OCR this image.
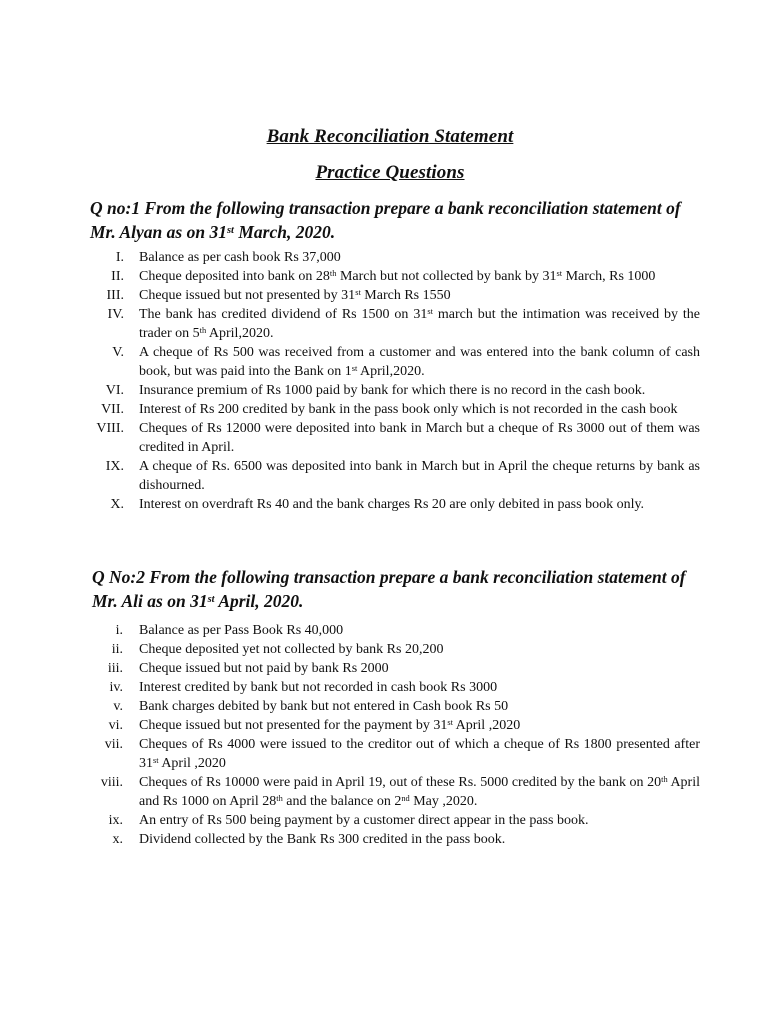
Bank Reconciliation Statement
Practice Questions
Q no:1 From the following transaction prepare a bank reconciliation statement of Mr. Alyan as on 31st March, 2020.
I. Balance as per cash book Rs 37,000
II. Cheque deposited into bank on 28th March but not collected by bank by 31st March, Rs 1000
III. Cheque issued but not presented by 31st March Rs 1550
IV. The bank has credited dividend of Rs 1500 on 31st march but the intimation was received by the trader on 5th April,2020.
V. A cheque of Rs 500 was received from a customer and was entered into the bank column of cash book, but was paid into the Bank on 1st April,2020.
VI. Insurance premium of Rs 1000 paid by bank for which there is no record in the cash book.
VII. Interest of Rs 200 credited by bank in the pass book only which is not recorded in the cash book
VIII. Cheques of Rs 12000 were deposited into bank in March but a cheque of Rs 3000 out of them was credited in April.
IX. A cheque of Rs. 6500 was deposited into bank in March but in April the cheque returns by bank as dishourned.
X. Interest on overdraft Rs 40 and the bank charges Rs 20 are only debited in pass book only.
Q No:2 From the following transaction prepare a bank reconciliation statement of Mr. Ali as on 31st April, 2020.
i. Balance as per Pass Book Rs 40,000
ii. Cheque deposited yet not collected by bank Rs 20,200
iii. Cheque issued but not paid by bank Rs 2000
iv. Interest credited by bank but not recorded in cash book Rs 3000
v. Bank charges debited by bank but not entered in Cash book Rs 50
vi. Cheque issued but not presented for the payment by 31st April ,2020
vii. Cheques of Rs 4000 were issued to the creditor out of which a cheque of Rs 1800 presented after 31st April ,2020
viii. Cheques of Rs 10000 were paid in April 19, out of these Rs. 5000 credited by the bank on 20th April and Rs 1000 on April 28th and the balance on 2nd May ,2020.
ix. An entry of Rs 500 being payment by a customer direct appear in the pass book.
x. Dividend collected by the Bank Rs 300 credited in the pass book.
